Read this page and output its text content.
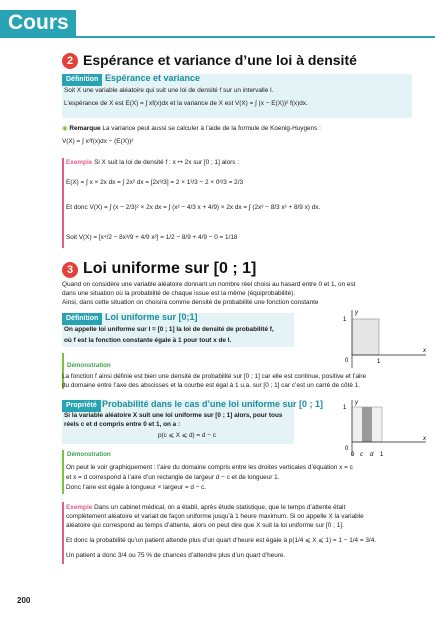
Cours
2 Espérance et variance d’une loi à densité
Définition Espérance et variance
Soit X une variable aléatoire qui suit une loi de densité f sur un intervalle I.
L’espérance de X est E(X) = ∫ xf(x)dx et la variance de X est V(X) = ∫ (x − E(X))² f(x)dx.
◉ Remarque La variance peut aussi se calculer à l’aide de la formule de Koenig-Huygens :
V(X) = ∫ x²f(x)dx − (E(X))²
Exemple Si X suit la loi de densité f : x ↦ 2x sur [0 ; 1] alors :
E(X) = ∫ x × 2x dx = ∫ 2x² dx = [2x³/3] = 2 × 1³/3 − 2 × 0³/3 = 2/3
Et donc V(X) = ∫ (x − 2/3)² × 2x dx = ∫ (x² − 4/3 x + 4/9) × 2x dx = ∫ (2x³ − 8/3 x² + 8/9 x) dx.
Soit V(X) = [x⁴/2 − 8x³/9 + 4/9 x²] = 1/2 − 8/9 + 4/9 − 0 = 1/18
3 Loi uniforme sur [0 ; 1]
Quand on considère une variable aléatoire donnant un nombre réel choisi au hasard entre 0 et 1, on est
dans une situation où la probabilité de chaque issue est la même (équiprobabilité).
Ainsi, dans cette situation on choisira comme densité de probabilité une fonction constante
Définition Loi uniforme sur [0;1]
On appelle loi uniforme sur I = [0 ; 1] la loi de densité de probabilité f,
où f est la fonction constante égale à 1 pour tout x de I.
y
x
1
0	1
Démonstration
La fonction f ainsi définie est bien une densité de probabilité sur [0 ; 1] car elle est continue, positive et l’aire
du domaine entre l’axe des abscisses et la courbe est égal à 1 u.a. sur [0 ; 1] car c’est un carré de côté 1.
Propriété Probabilité dans le cas d’une loi uniforme sur [0 ; 1]
Si la variable aléatoire X suit une loi uniforme sur [0 ; 1] alors, pour tous
réels c et d compris entre 0 et 1, on a :
p(c ⩽ X ⩽ d) = d − c
y
x
1
0
0 c d 1
Démonstration
On peut le voir graphiquement : l’aire du domaine compris entre les droites verticales d’équation x = c
et x = d correspond à l’aire d’un rectangle de largeur d − c et de longueur 1.
Donc l’aire est égale à longueur × largeur = d − c.
Exemple Dans un cabinet médical, on a établi, après étude statistique, que le temps d’attente était
complètement aléatoire et variait de façon uniforme jusqu’à 1 heure maximum. Si on appelle X la variable
aléatoire qui correspond au temps d’attente, alors on peut dire que X suit la loi uniforme sur [0 ; 1].
Et donc la probabilité qu’un patient attende plus d’un quart d’heure est égale à p(1/4 ⩽ X ⩽ 1) = 1 − 1/4 = 3/4.
Un patient a donc 3/4 ou 75 % de chances d’attendre plus d’un quart d’heure.
200
